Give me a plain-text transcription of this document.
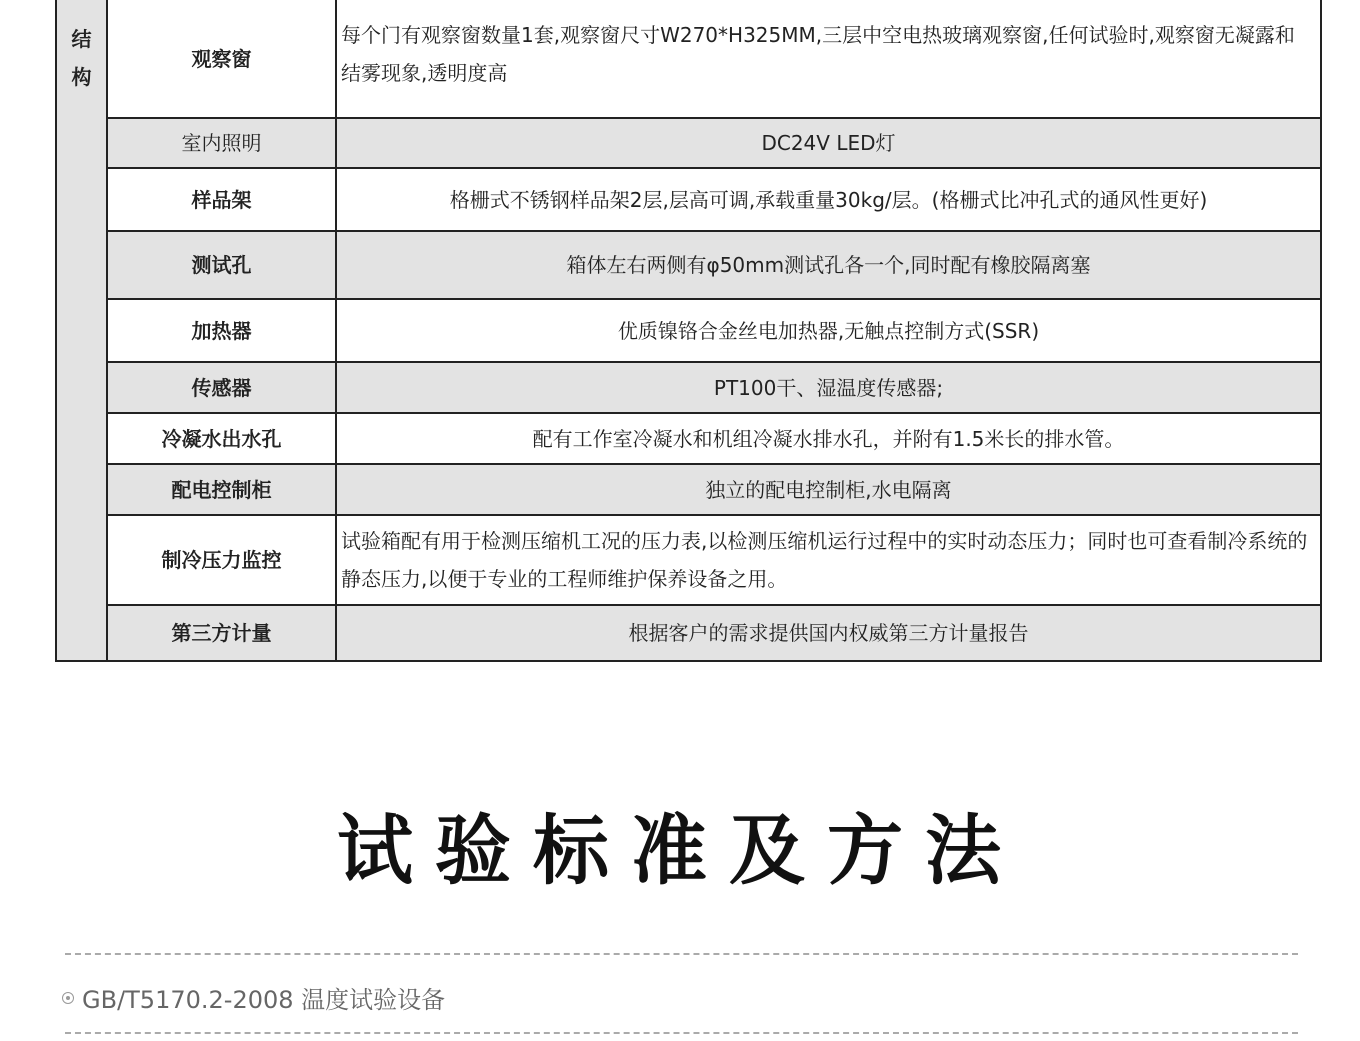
结构	观察窗	每个门有观察窗数量1套,观察窗尺寸W270*H325MM,三层中空电热玻璃观察窗,任何试验时,观察窗无凝露和结雾现象,透明度高
	室内照明	DC24V LED灯
	样品架	格栅式不锈钢样品架2层,层高可调,承载重量30kg/层。(格栅式比冲孔式的通风性更好)
	测试孔	箱体左右两侧有φ50mm测试孔各一个,同时配有橡胶隔离塞
	加热器	优质镍铬合金丝电加热器,无触点控制方式(SSR)
	传感器	PT100干、湿温度传感器;
	冷凝水出水孔	配有工作室冷凝水和机组冷凝水排水孔，并附有1.5米长的排水管。
	配电控制柜	独立的配电控制柜,水电隔离
	制冷压力监控	试验箱配有用于检测压缩机工况的压力表,以检测压缩机运行过程中的实时动态压力；同时也可查看制冷系统的静态压力,以便于专业的工程师维护保养设备之用。
	第三方计量	根据客户的需求提供国内权威第三方计量报告
试验标准及方法
GB/T5170.2-2008 温度试验设备
